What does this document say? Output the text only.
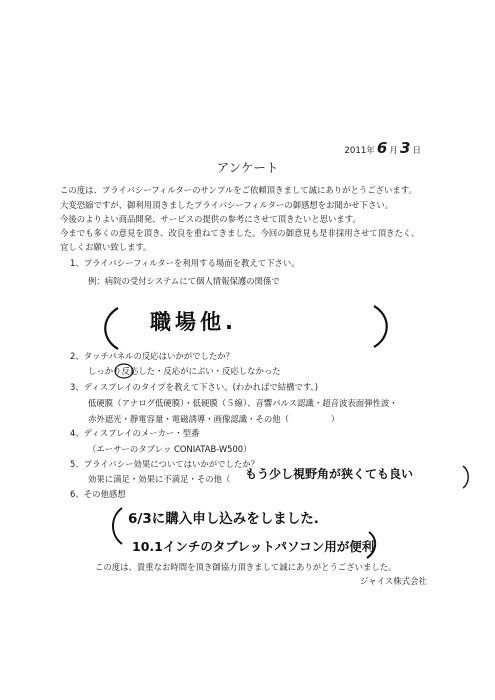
2011年 6 月 3 日
アンケート
この度は、プライバシーフィルターのサンプルをご依頼頂きまして誠にありがとうございます。
大変恐縮ですが、御利用頂きましたプライバシーフィルターの御感想をお聞かせ下さい。
今後のよりよい商品開発、サービスの提供の参考にさせて頂きたいと思います。
今までも多くの意見を頂き、改良を重ねてきました。今回の御意見も是非採用させて頂きたく、
宜しくお願い致します。
1、プライバシーフィルターを利用する場面を教えて下さい。
例：病院の受付システムにて個人情報保護の関係で
職場他.
2、タッチパネルの反応はいかがでしたか？
しっかり反応した・反応がにぶい・反応しなかった
3、ディスプレイのタイプを教えて下さい。(わかればで結構です。)
低硬膜（アナログ低硬膜）・低硬膜（５線）、音響パルス認識・超音波表面弾性波・
赤外遮光・静電容量・電磁誘導・画像認識・その他（　　　　　）
4、ディスプレイのメーカー・型番
（エーサーのタブレッ CONIATAB-W500）
5、プライバシー効果についてはいかがでしたか？
効果に満足・効果に不満足・その他（ もう少し視野角が狭くても良い
6、その他感想
6/3に購入申し込みをしました.
10.1インチのタブレットパソコン用が便利
この度は、貴重なお時間を頂き御協力頂きまして誠にありがとうございました。
ジャイス株式会社
